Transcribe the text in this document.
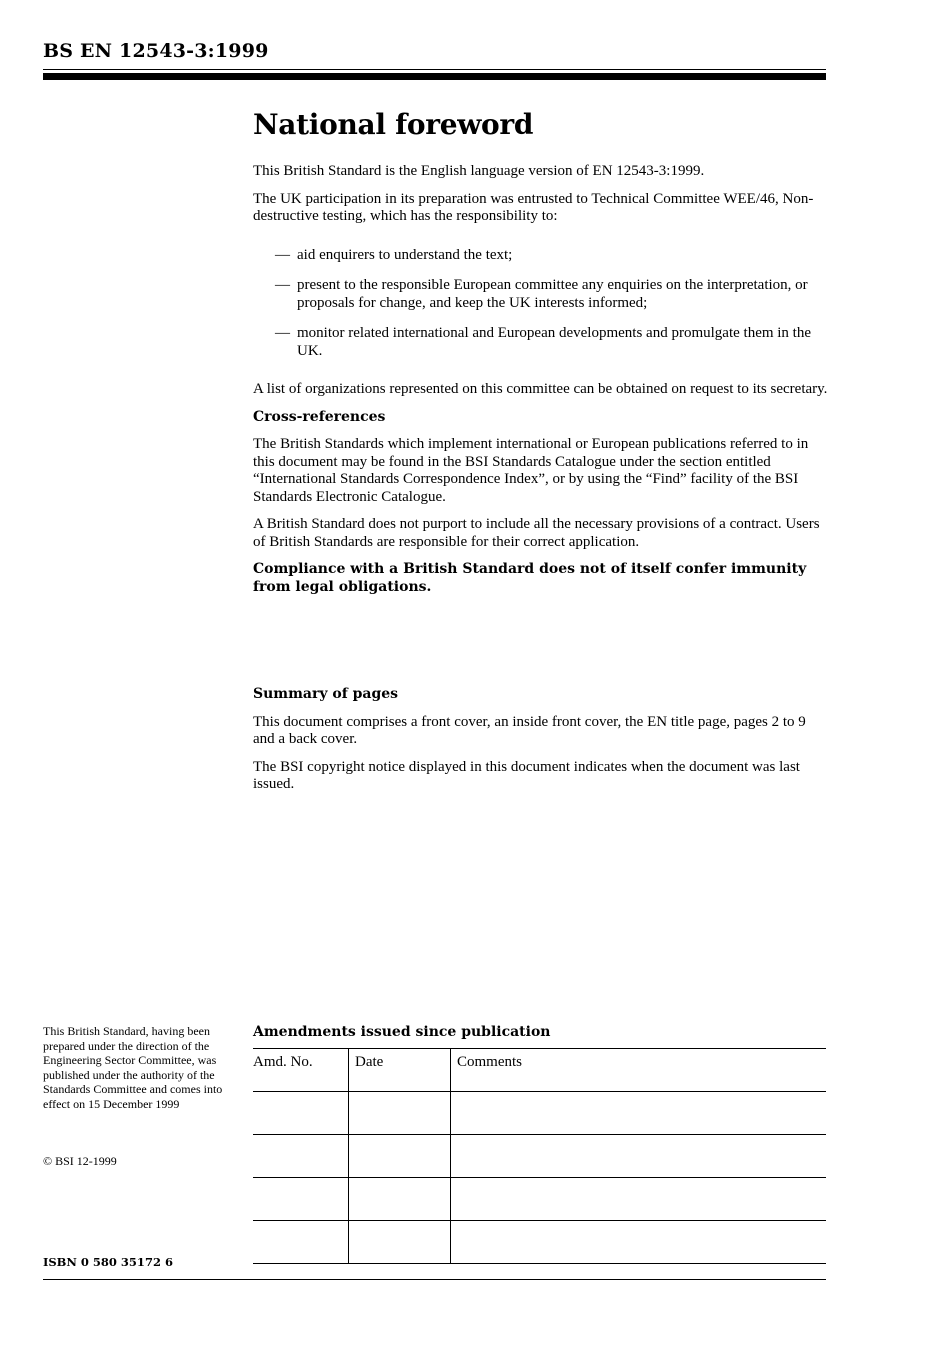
BS EN 12543-3:1999
National foreword

This British Standard is the English language version of EN 12543-3:1999.

The UK participation in its preparation was entrusted to Technical Committee WEE/46, Non-destructive testing, which has the responsibility to:

— aid enquirers to understand the text;
— present to the responsible European committee any enquiries on the interpretation, or proposals for change, and keep the UK interests informed;
— monitor related international and European developments and promulgate them in the UK.

A list of organizations represented on this committee can be obtained on request to its secretary.

Cross-references

The British Standards which implement international or European publications referred to in this document may be found in the BSI Standards Catalogue under the section entitled “International Standards Correspondence Index”, or by using the “Find” facility of the BSI Standards Electronic Catalogue.

A British Standard does not purport to include all the necessary provisions of a contract. Users of British Standards are responsible for their correct application.

Compliance with a British Standard does not of itself confer immunity from legal obligations.

Summary of pages

This document comprises a front cover, an inside front cover, the EN title page, pages 2 to 9 and a back cover.

The BSI copyright notice displayed in this document indicates when the document was last issued.

This British Standard, having been prepared under the direction of the Engineering Sector Committee, was published under the authority of the Standards Committee and comes into effect on 15 December 1999
© BSI 12-1999
ISBN 0 580 35172 6
Amendments issued since publication
Amd. No.	Date	Comments
